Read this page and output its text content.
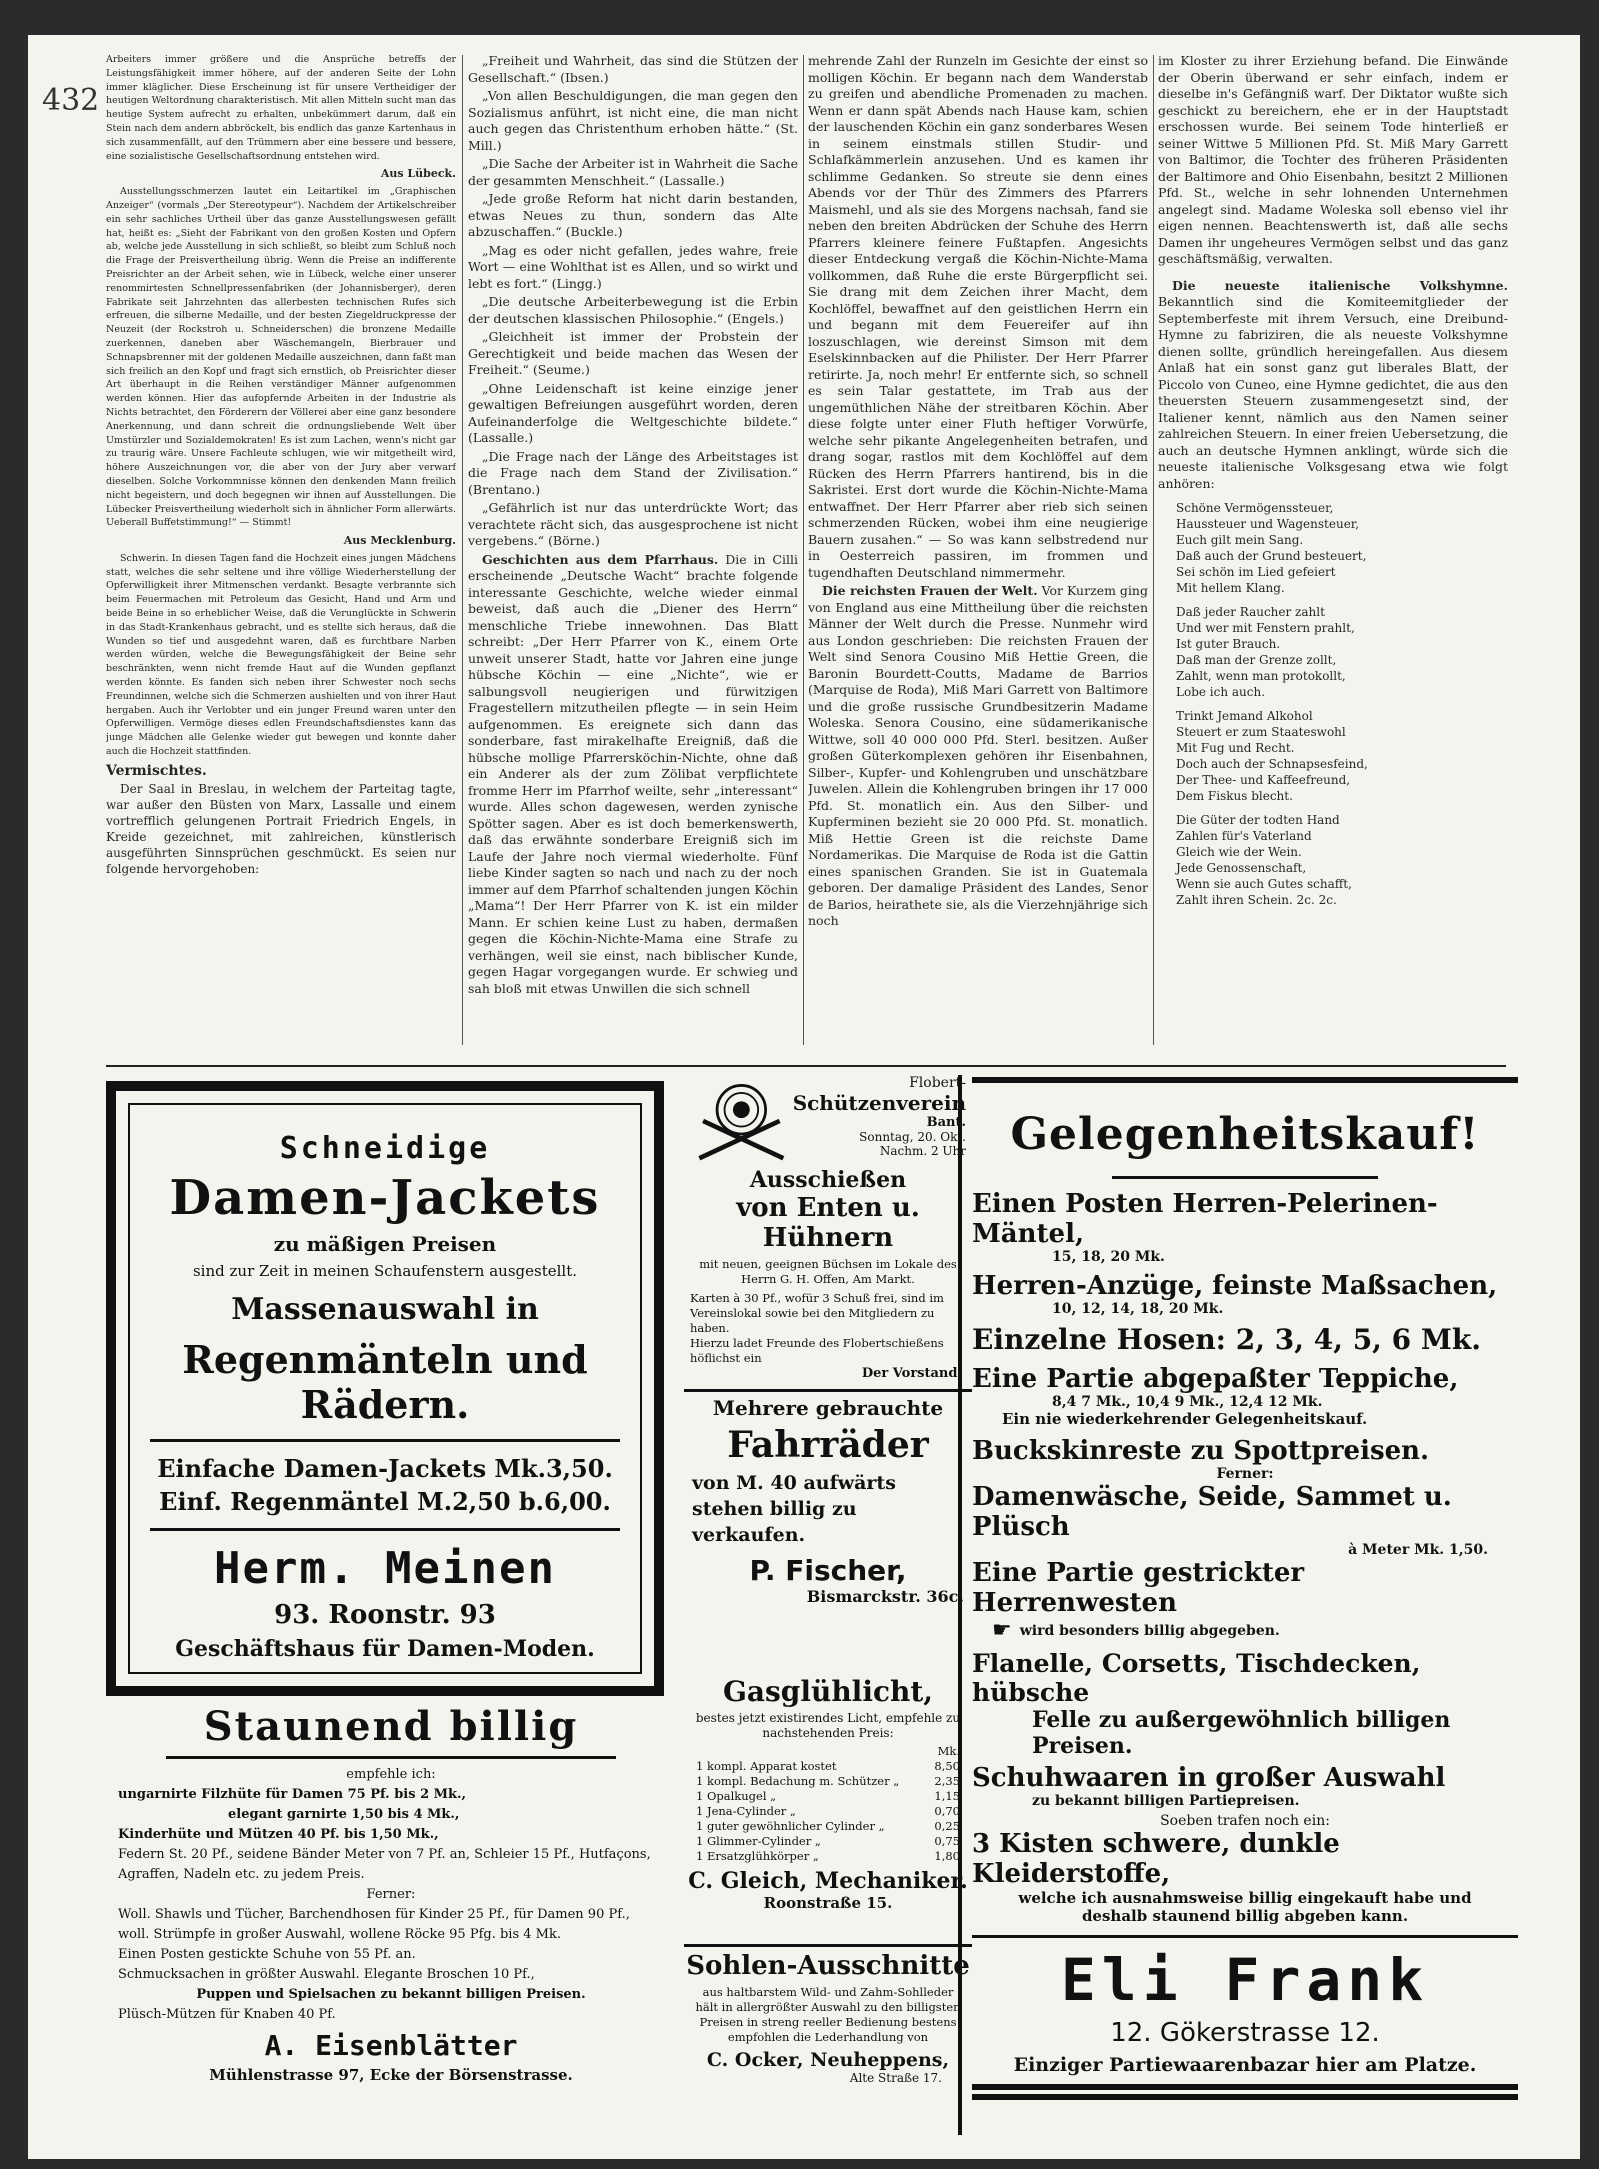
432

Arbeiters immer größere und die Ansprüche betreffs der Leistungsfähigkeit immer höhere, auf der anderen Seite der Lohn immer kläglicher. Diese Erscheinung ist für unsere Vertheidiger der heutigen Weltordnung charakteristisch. Mit allen Mitteln sucht man das heutige System aufrecht zu erhalten, unbekümmert darum, daß ein Stein nach dem andern abbröckelt, bis endlich das ganze Kartenhaus in sich zusammenfällt, auf den Trümmern aber eine bessere und bessere, eine sozialistische Gesellschaftsordnung entstehen wird.

Aus Lübeck.

Ausstellungsschmerzen lautet ein Leitartikel im „Graphischen Anzeiger“ (vormals „Der Stereotypeur“). Nachdem der Artikelschreiber ein sehr sachliches Urtheil über das ganze Ausstellungswesen gefällt hat, heißt es: „Sieht der Fabrikant von den großen Kosten und Opfern ab, welche jede Ausstellung in sich schließt, so bleibt zum Schluß noch die Frage der Preisvertheilung übrig. Wenn die Preise an indifferente Preisrichter an der Arbeit sehen, wie in Lübeck, welche einer unserer renommirtesten Schnellpressenfabriken (der Johannisberger), deren Fabrikate seit Jahrzehnten das allerbesten technischen Rufes sich erfreuen, die silberne Medaille, und der besten Ziegeldruckpresse der Neuzeit (der Rockstroh u. Schneiderschen) die bronzene Medaille zuerkennen, daneben aber Wäschemangeln, Bierbrauer und Schnapsbrenner mit der goldenen Medaille auszeichnen, dann faßt man sich freilich an den Kopf und fragt sich ernstlich, ob Preisrichter dieser Art überhaupt in die Reihen verständiger Männer aufgenommen werden können. Hier das aufopfernde Arbeiten in der Industrie als Nichts betrachtet, den Förderern der Völlerei aber eine ganz besondere Anerkennung, und dann schreit die ordnungsliebende Welt über Umstürzler und Sozialdemokraten! Es ist zum Lachen, wenn's nicht gar zu traurig wäre. Unsere Fachleute schlugen, wie wir mitgetheilt wird, höhere Auszeichnungen vor, die aber von der Jury aber verwarf dieselben. Solche Vorkommnisse können den denkenden Mann freilich nicht begeistern, und doch begegnen wir ihnen auf Ausstellungen. Die Lübecker Preisvertheilung wiederholt sich in ähnlicher Form allerwärts. Ueberall Buffetstimmung!“ — Stimmt!

Aus Mecklenburg.

Schwerin. In diesen Tagen fand die Hochzeit eines jungen Mädchens statt, welches die sehr seltene und ihre völlige Wiederherstellung der Opferwilligkeit ihrer Mitmenschen verdankt. Besagte verbrannte sich beim Feuermachen mit Petroleum das Gesicht, Hand und Arm und beide Beine in so erheblicher Weise, daß die Verunglückte in Schwerin in das Stadt-Krankenhaus gebracht, und es stellte sich heraus, daß die Wunden so tief und ausgedehnt waren, daß es furchtbare Narben werden würden, welche die Bewegungsfähigkeit der Beine sehr beschränkten, wenn nicht fremde Haut auf die Wunden gepflanzt werden könnte. Es fanden sich neben ihrer Schwester noch sechs Freundinnen, welche sich die Schmerzen aushielten und von ihrer Haut hergaben. Auch ihr Verlobter und ein junger Freund waren unter den Opferwilligen. Vermöge dieses edlen Freundschaftsdienstes kann das junge Mädchen alle Gelenke wieder gut bewegen und konnte daher auch die Hochzeit stattfinden.

Vermischtes.

Der Saal in Breslau, in welchem der Parteitag tagte, war außer den Büsten von Marx, Lassalle und einem vortrefflich gelungenen Portrait Friedrich Engels, in Kreide gezeichnet, mit zahlreichen, künstlerisch ausgeführten Sinnsprüchen geschmückt. Es seien nur folgende hervorgehoben:

„Freiheit und Wahrheit, das sind die Stützen der Gesellschaft.“ (Ibsen.)

„Von allen Beschuldigungen, die man gegen den Sozialismus anführt, ist nicht eine, die man nicht auch gegen das Christenthum erhoben hätte.“ (St. Mill.)

„Die Sache der Arbeiter ist in Wahrheit die Sache der gesammten Menschheit.“ (Lassalle.)

„Jede große Reform hat nicht darin bestanden, etwas Neues zu thun, sondern das Alte abzuschaffen.“ (Buckle.)

„Mag es oder nicht gefallen, jedes wahre, freie Wort — eine Wohlthat ist es Allen, und so wirkt und lebt es fort.“ (Lingg.)

„Die deutsche Arbeiterbewegung ist die Erbin der deutschen klassischen Philosophie.“ (Engels.)

„Gleichheit ist immer der Probstein der Gerechtigkeit und beide machen das Wesen der Freiheit.“ (Seume.)

„Ohne Leidenschaft ist keine einzige jener gewaltigen Befreiungen ausgeführt worden, deren Aufeinanderfolge die Weltgeschichte bildete.“ (Lassalle.)

„Die Frage nach der Länge des Arbeitstages ist die Frage nach dem Stand der Zivilisation.“ (Brentano.)

„Gefährlich ist nur das unterdrückte Wort; das verachtete rächt sich, das ausgesprochene ist nicht vergebens.“ (Börne.)

Geschichten aus dem Pfarrhaus. Die in Cilli erscheinende „Deutsche Wacht“ brachte folgende interessante Geschichte, welche wieder einmal beweist, daß auch die „Diener des Herrn“ menschliche Triebe innewohnen. Das Blatt schreibt: „Der Herr Pfarrer von K., einem Orte unweit unserer Stadt, hatte vor Jahren eine junge hübsche Köchin — eine „Nichte“, wie er salbungsvoll neugierigen und fürwitzigen Fragestellern mitzutheilen pflegte — in sein Heim aufgenommen. Es ereignete sich dann das sonderbare, fast mirakelhafte Ereigniß, daß die hübsche mollige Pfarrersköchin-Nichte, ohne daß ein Anderer als der zum Zölibat verpflichtete fromme Herr im Pfarrhof weilte, sehr „interessant“ wurde. Alles schon dagewesen, werden zynische Spötter sagen. Aber es ist doch bemerkenswerth, daß das erwähnte sonderbare Ereigniß sich im Laufe der Jahre noch viermal wiederholte. Fünf liebe Kinder sagten so nach und nach zu der noch immer auf dem Pfarrhof schaltenden jungen Köchin „Mama“! Der Herr Pfarrer von K. ist ein milder Mann. Er schien keine Lust zu haben, dermaßen gegen die Köchin-Nichte-Mama eine Strafe zu verhängen, weil sie einst, nach biblischer Kunde, gegen Hagar vorgegangen wurde. Er schwieg und sah bloß mit etwas Unwillen die sich schnell

mehrende Zahl der Runzeln im Gesichte der einst so molligen Köchin. Er begann nach dem Wanderstab zu greifen und abendliche Promenaden zu machen. Wenn er dann spät Abends nach Hause kam, schien der lauschenden Köchin ein ganz sonderbares Wesen in seinem einstmals stillen Studir- und Schlafkämmerlein anzusehen. Und es kamen ihr schlimme Gedanken. So streute sie denn eines Abends vor der Thür des Zimmers des Pfarrers Maismehl, und als sie des Morgens nachsah, fand sie neben den breiten Abdrücken der Schuhe des Herrn Pfarrers kleinere feinere Fußtapfen. Angesichts dieser Entdeckung vergaß die Köchin-Nichte-Mama vollkommen, daß Ruhe die erste Bürgerpflicht sei. Sie drang mit dem Zeichen ihrer Macht, dem Kochlöffel, bewaffnet auf den geistlichen Herrn ein und begann mit dem Feuereifer auf ihn loszuschlagen, wie dereinst Simson mit dem Eselskinnbacken auf die Philister. Der Herr Pfarrer retirirte. Ja, noch mehr! Er entfernte sich, so schnell es sein Talar gestattete, im Trab aus der ungemüthlichen Nähe der streitbaren Köchin. Aber diese folgte unter einer Fluth heftiger Vorwürfe, welche sehr pikante Angelegenheiten betrafen, und drang sogar, rastlos mit dem Kochlöffel auf dem Rücken des Herrn Pfarrers hantirend, bis in die Sakristei. Erst dort wurde die Köchin-Nichte-Mama entwaffnet. Der Herr Pfarrer aber rieb sich seinen schmerzenden Rücken, wobei ihm eine neugierige Bauern zusahen.“ — So was kann selbstredend nur in Oesterreich passiren, im frommen und tugendhaften Deutschland nimmermehr.

Die reichsten Frauen der Welt. Vor Kurzem ging von England aus eine Mittheilung über die reichsten Männer der Welt durch die Presse. Nunmehr wird aus London geschrieben: Die reichsten Frauen der Welt sind Senora Cousino Miß Hettie Green, die Baronin Bourdett-Coutts, Madame de Barrios (Marquise de Roda), Miß Mari Garrett von Baltimore und die große russische Grundbesitzerin Madame Woleska. Senora Cousino, eine südamerikanische Wittwe, soll 40 000 000 Pfd. Sterl. besitzen. Außer großen Güterkomplexen gehören ihr Eisenbahnen, Silber-, Kupfer- und Kohlengruben und unschätzbare Juwelen. Allein die Kohlengruben bringen ihr 17 000 Pfd. St. monatlich ein. Aus den Silber- und Kupferminen bezieht sie 20 000 Pfd. St. monatlich. Miß Hettie Green ist die reichste Dame Nordamerikas. Die Marquise de Roda ist die Gattin eines spanischen Granden. Sie ist in Guatemala geboren. Der damalige Präsident des Landes, Senor de Barios, heirathete sie, als die Vierzehnjährige sich noch

im Kloster zu ihrer Erziehung befand. Die Einwände der Oberin überwand er sehr einfach, indem er dieselbe in's Gefängniß warf. Der Diktator wußte sich geschickt zu bereichern, ehe er in der Hauptstadt erschossen wurde. Bei seinem Tode hinterließ er seiner Wittwe 5 Millionen Pfd. St. Miß Mary Garrett von Baltimor, die Tochter des früheren Präsidenten der Baltimore and Ohio Eisenbahn, besitzt 2 Millionen Pfd. St., welche in sehr lohnenden Unternehmen angelegt sind. Madame Woleska soll ebenso viel ihr eigen nennen. Beachtenswerth ist, daß alle sechs Damen ihr ungeheures Vermögen selbst und das ganz geschäftsmäßig, verwalten.

Die neueste italienische Volkshymne. Bekanntlich sind die Komiteemitglieder der Septemberfeste mit ihrem Versuch, eine Dreibund-Hymne zu fabriziren, die als neueste Volkshymne dienen sollte, gründlich hereingefallen. Aus diesem Anlaß hat ein sonst ganz gut liberales Blatt, der Piccolo von Cuneo, eine Hymne gedichtet, die aus den theuersten Steuern zusammengesetzt sind, der Italiener kennt, nämlich aus den Namen seiner zahlreichen Steuern. In einer freien Uebersetzung, die auch an deutsche Hymnen anklingt, würde sich die neueste italienische Volksgesang etwa wie folgt anhören:

Schöne Vermögenssteuer,

Haussteuer und Wagensteuer,

Euch gilt mein Sang.

Daß auch der Grund besteuert,

Sei schön im Lied gefeiert

Mit hellem Klang.

Daß jeder Raucher zahlt

Und wer mit Fenstern prahlt,

Ist guter Brauch.

Daß man der Grenze zollt,

Zahlt, wenn man protokollt,

Lobe ich auch.

Trinkt Jemand Alkohol

Steuert er zum Staateswohl

Mit Fug und Recht.

Doch auch der Schnapsesfeind,

Der Thee- und Kaffeefreund,

Dem Fiskus blecht.

Die Güter der todten Hand

Zahlen für's Vaterland

Gleich wie der Wein.

Jede Genossenschaft,

Wenn sie auch Gutes schafft,

Zahlt ihren Schein. 2c. 2c.

Schneidige
Damen-Jackets
zu mäßigen Preisen
sind zur Zeit in meinen Schaufenstern ausgestellt.
Massenauswahl in
Regenmänteln und Rädern.
Einfache Damen-Jackets Mk.3,50.
Einf. Regenmäntel M.2,50 b.6,00.
Herm. Meinen
93. Roonstr. 93
Geschäftshaus für Damen-Moden.
Staunend billig
empfehle ich:
ungarnirte Filzhüte für Damen 75 Pf. bis 2 Mk.,
elegant garnirte 1,50 bis 4 Mk.,
Kinderhüte und Mützen 40 Pf. bis 1,50 Mk.,
Federn St. 20 Pf., seidene Bänder Meter von 7 Pf. an, Schleier 15 Pf., Hutfaçons, Agraffen, Nadeln etc. zu jedem Preis.
Ferner:
Woll. Shawls und Tücher, Barchendhosen für Kinder 25 Pf., für Damen 90 Pf., woll. Strümpfe in großer Auswahl, wollene Röcke 95 Pfg. bis 4 Mk.
Einen Posten gestickte Schuhe von 55 Pf. an.
Schmucksachen in größter Auswahl. Elegante Broschen 10 Pf.,
Puppen und Spielsachen zu bekannt billigen Preisen.
Plüsch-Mützen für Knaben 40 Pf.
A. Eisenblätter
Mühlenstrasse 97, Ecke der Börsenstrasse.
Flobert-
Schützenverein
Bant.
Sonntag, 20. Okt.
Nachm. 2 Uhr
Ausschießen
von Enten u. Hühnern
mit neuen, geeignen Büchsen im Lokale des Herrn G. H. Offen, Am Markt.
Karten à 30 Pf., wofür 3 Schuß frei, sind im Vereinslokal sowie bei den Mitgliedern zu haben.
Hierzu ladet Freunde des Flobertschießens höflichst ein
Der Vorstand.
Mehrere gebrauchte
Fahrräder
von M. 40 aufwärts stehen billig zu verkaufen.
P. Fischer,
Bismarckstr. 36c.
Gasglühlicht,
bestes jetzt existirendes Licht, empfehle zu nachstehenden Preis:
Mk.
1 kompl. Apparat kostet	8,50
1 kompl. Bedachung m. Schützer „	2,35
1 Opalkugel „	1,15
1 Jena-Cylinder „	0,70
1 guter gewöhnlicher Cylinder „	0,25
1 Glimmer-Cylinder „	0,75
1 Ersatzglühkörper „	1,80
C. Gleich, Mechaniker.
Roonstraße 15.
Sohlen-Ausschnitte
aus haltbarstem Wild- und Zahm-Sohlleder hält in allergrößter Auswahl zu den billigsten Preisen in streng reeller Bedienung bestens empfohlen die Lederhandlung von
C. Ocker, Neuheppens,
Alte Straße 17.
Gelegenheitskauf!
Einen Posten Herren-Pelerinen-Mäntel,
15, 18, 20 Mk.
Herren-Anzüge, feinste Maßsachen,
10, 12, 14, 18, 20 Mk.
Einzelne Hosen: 2, 3, 4, 5, 6 Mk.
Eine Partie abgepaßter Teppiche,
8,4 7 Mk., 10,4 9 Mk., 12,4 12 Mk.
Ein nie wiederkehrender Gelegenheitskauf.
Buckskinreste zu Spottpreisen.
Ferner:
Damenwäsche, Seide, Sammet u. Plüsch
à Meter Mk. 1,50.
Eine Partie gestrickter Herrenwesten
☛ wird besonders billig abgegeben.
Flanelle, Corsetts, Tischdecken, hübsche
Felle zu außergewöhnlich billigen Preisen.
Schuhwaaren in großer Auswahl
zu bekannt billigen Partiepreisen.
Soeben trafen noch ein:
3 Kisten schwere, dunkle Kleiderstoffe,
welche ich ausnahmsweise billig eingekauft habe und deshalb staunend billig abgeben kann.
Eli Frank
12. Gökerstrasse 12.
Einziger Partiewaarenbazar hier am Platze.
